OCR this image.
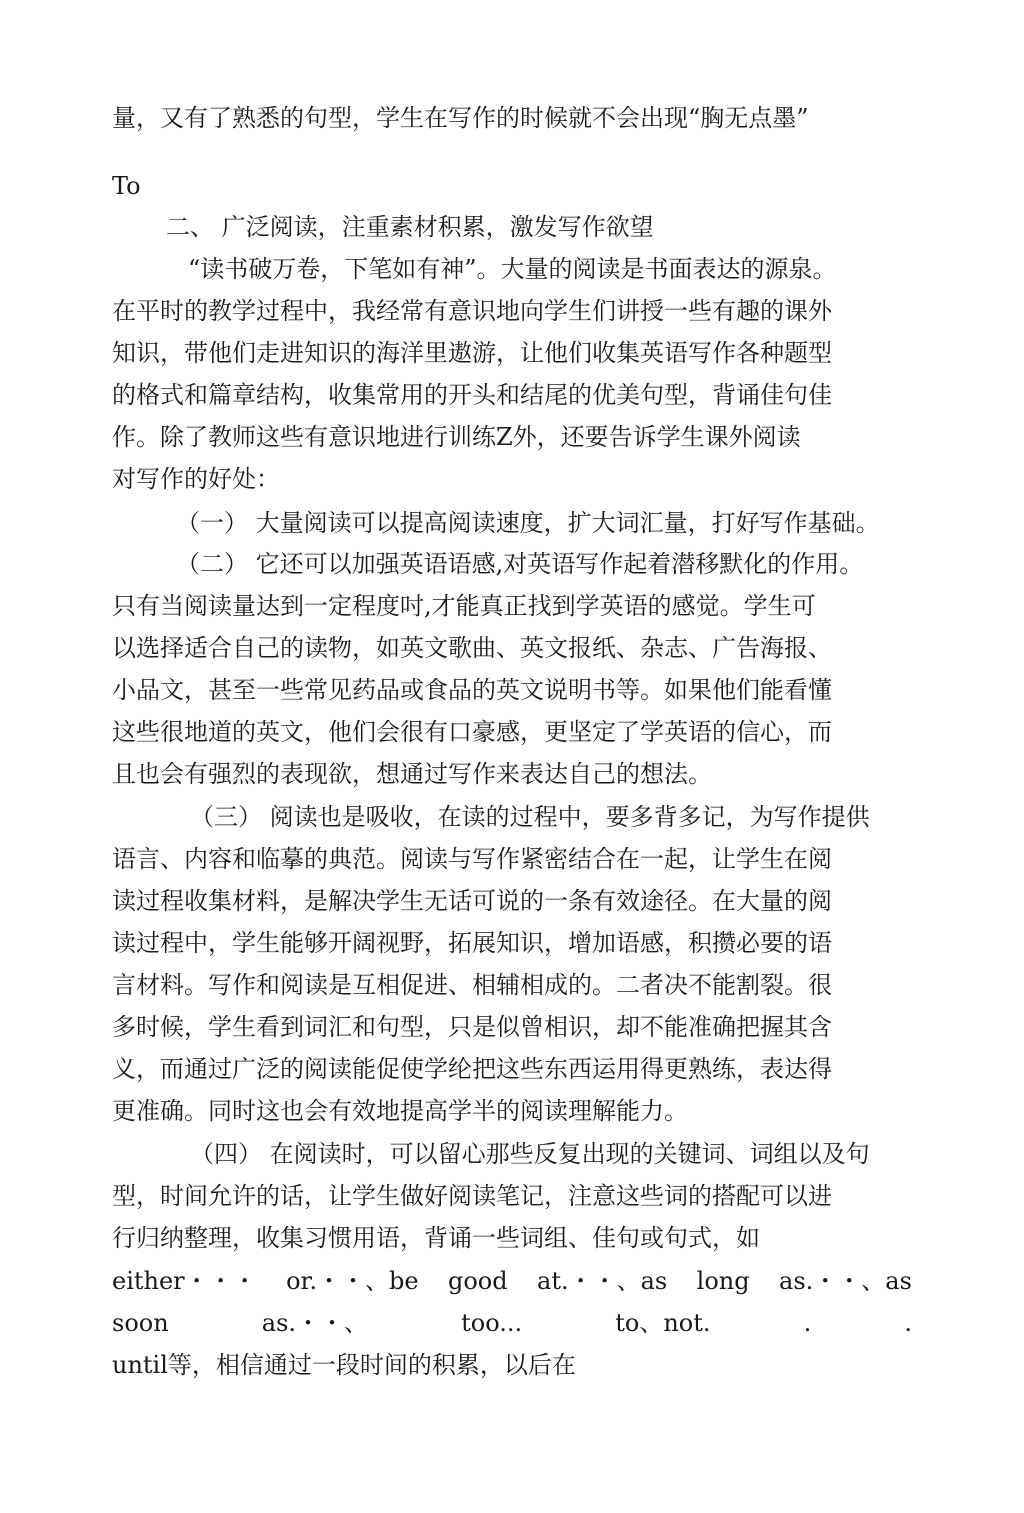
量，又有了熟悉的句型，学生在写作的时候就不会出现“胸无点墨”
To
二、 广泛阅读，注重素材积累，激发写作欲望
“读书破万卷，下笔如有神”。大量的阅读是书面表达的源泉。
在平时的教学过程中，我经常有意识地向学生们讲授一些有趣的课外
知识，带他们走进知识的海洋里遨游，让他们收集英语写作各种题型
的格式和篇章结构，收集常用的开头和结尾的优美句型，背诵佳句佳
作。除了教师这些有意识地进行训练Z外，还要告诉学生课外阅读
对写作的好处：
（一） 大量阅读可以提高阅读速度，扩大词汇量，打好写作基础。
（二） 它还可以加强英语语感,对英语写作起着潜移默化的作用。
只有当阅读量达到一定程度吋,才能真正找到学英语的感觉。学生可
以选择适合自己的读物，如英文歌曲、英文报纸、杂志、广告海报、
小品文，甚至一些常见药品或食品的英文说明书等。如果他们能看懂
这些很地道的英文，他们会很有口豪感，更坚定了学英语的信心，而
且也会有强烈的表现欲，想通过写作来表达自己的想法。
（三） 阅读也是吸收，在读的过程中，要多背多记，为写作提供
语言、内容和临摹的典范。阅读与写作紧密结合在一起，让学生在阅
读过程收集材料，是解决学生无话可说的一条有效途径。在大量的阅
读过程中，学生能够开阔视野，拓展知识，增加语感，积攒必要的语
言材料。写作和阅读是互相促进、相辅相成的。二者决不能割裂。很
多时候，学生看到词汇和句型，只是似曾相识，却不能准确把握其含
义，而通过广泛的阅读能促使学纶把这些东西运用得更熟练，表达得
更准确。同时这也会有效地提高学半的阅读理解能力。
（四） 在阅读时，可以留心那些反复出现的关键词、词组以及句
型，时间允许的话，让学生做好阅读笔记，注意这些词的搭配可以进
行归纳整理，收集习惯用语，背诵一些词组、佳句或句式，如
either・・・ or.・・、be good at.・・、as long as.・・、as
soon	as.・・、	too...	to、not.	.	.
until等，相信通过一段时间的积累，以后在
